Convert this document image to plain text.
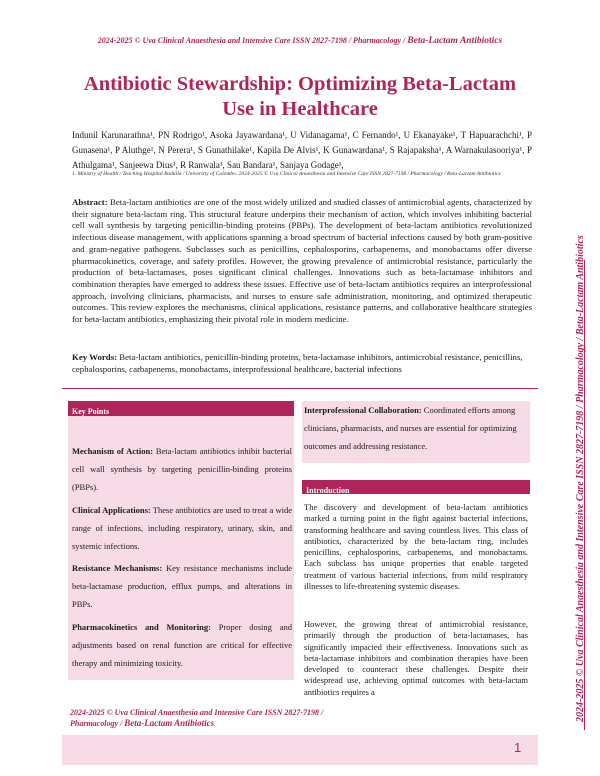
2024-2025 © Uva Clinical Anaesthesia and Intensive Care ISSN 2827-7198 / Pharmacology / Beta-Lactam Antibiotics
Antibiotic Stewardship: Optimizing Beta-Lactam Use in Healthcare
Indunil Karunarathna¹, PN Rodrigo¹, Asoka Jayawardana¹, U Vidanagama¹, C Fernando¹, U Ekanayake¹, T Hapuarachchi¹, P Gunasena¹, P Aluthge¹, N Perera¹, S Gunathilake¹, Kapila De Alvis¹, K Gunawardana¹, S Rajapaksha¹, A Warnakulasooriya¹, P Athulgama¹, Sanjeewa Dius¹, R Ranwala¹, Sau Bandara¹, Sanjaya Godage¹,
1. Ministry of Health / Teaching Hospital Badulla / University of Colombo. 2024-2025 © Uva Clinical Anaesthesia and Intensive Care ISSN 2827-7198 / Pharmacology / Beta-Lactam Antibiotics

Abstract: Beta-lactam antibiotics are one of the most widely utilized and studied classes of antimicrobial agents, characterized by their signature beta-lactam ring. This structural feature underpins their mechanism of action, which involves inhibiting bacterial cell wall synthesis by targeting penicillin-binding proteins (PBPs). The development of beta-lactam antibiotics revolutionized infectious disease management, with applications spanning a broad spectrum of bacterial infections caused by both gram-positive and gram-negative pathogens. Subclasses such as penicillins, cephalosporins, carbapenems, and monobactams offer diverse pharmacokinetics, coverage, and safety profiles. However, the growing prevalence of antimicrobial resistance, particularly the production of beta-lactamases, poses significant clinical challenges. Innovations such as beta-lactamase inhibitors and combination therapies have emerged to address these issues. Effective use of beta-lactam antibiotics requires an interprofessional approach, involving clinicians, pharmacists, and nurses to ensure safe administration, monitoring, and optimized therapeutic outcomes. This review explores the mechanisms, clinical applications, resistance patterns, and collaborative healthcare strategies for beta-lactam antibiotics, emphasizing their pivotal role in modern medicine.

Key Words: Beta-lactam antibiotics, penicillin-binding proteins, beta-lactamase inhibitors, antimicrobial resistance, penicillins, cephalosporins, carbapenems, monobactams, interprofessional healthcare, bacterial infections

Key Points

Mechanism of Action: Beta-lactam antibiotics inhibit bacterial cell wall synthesis by targeting penicillin-binding proteins (PBPs).

Clinical Applications: These antibiotics are used to treat a wide range of infections, including respiratory, urinary, skin, and systemic infections.

Resistance Mechanisms: Key resistance mechanisms include beta-lactamase production, efflux pumps, and alterations in PBPs.

Pharmacokinetics and Monitoring: Proper dosing and adjustments based on renal function are critical for effective therapy and minimizing toxicity.

Interprofessional Collaboration: Coordinated efforts among clinicians, pharmacists, and nurses are essential for optimizing outcomes and addressing resistance.

Introduction

The discovery and development of beta-lactam antibiotics marked a turning point in the fight against bacterial infections, transforming healthcare and saving countless lives. This class of antibiotics, characterized by the beta-lactam ring, includes penicillins, cephalosporins, carbapenems, and monobactams. Each subclass has unique properties that enable targeted treatment of various bacterial infections, from mild respiratory illnesses to life-threatening systemic diseases.

However, the growing threat of antimicrobial resistance, primarily through the production of beta-lactamases, has significantly impacted their effectiveness. Innovations such as beta-lactamase inhibitors and combination therapies have been developed to counteract these challenges. Despite their widespread use, achieving optimal outcomes with beta-lactam antibiotics requires a

2024-2025 © Uva Clinical Anaesthesia and Intensive Care ISSN 2827-7198 /
Pharmacology / Beta-Lactam Antibiotics
1
2024-2025 © Uva Clinical Anaesthesia and Intensive Care ISSN 2827-7198 / Pharmacology / Beta-Lactam Antibiotics
